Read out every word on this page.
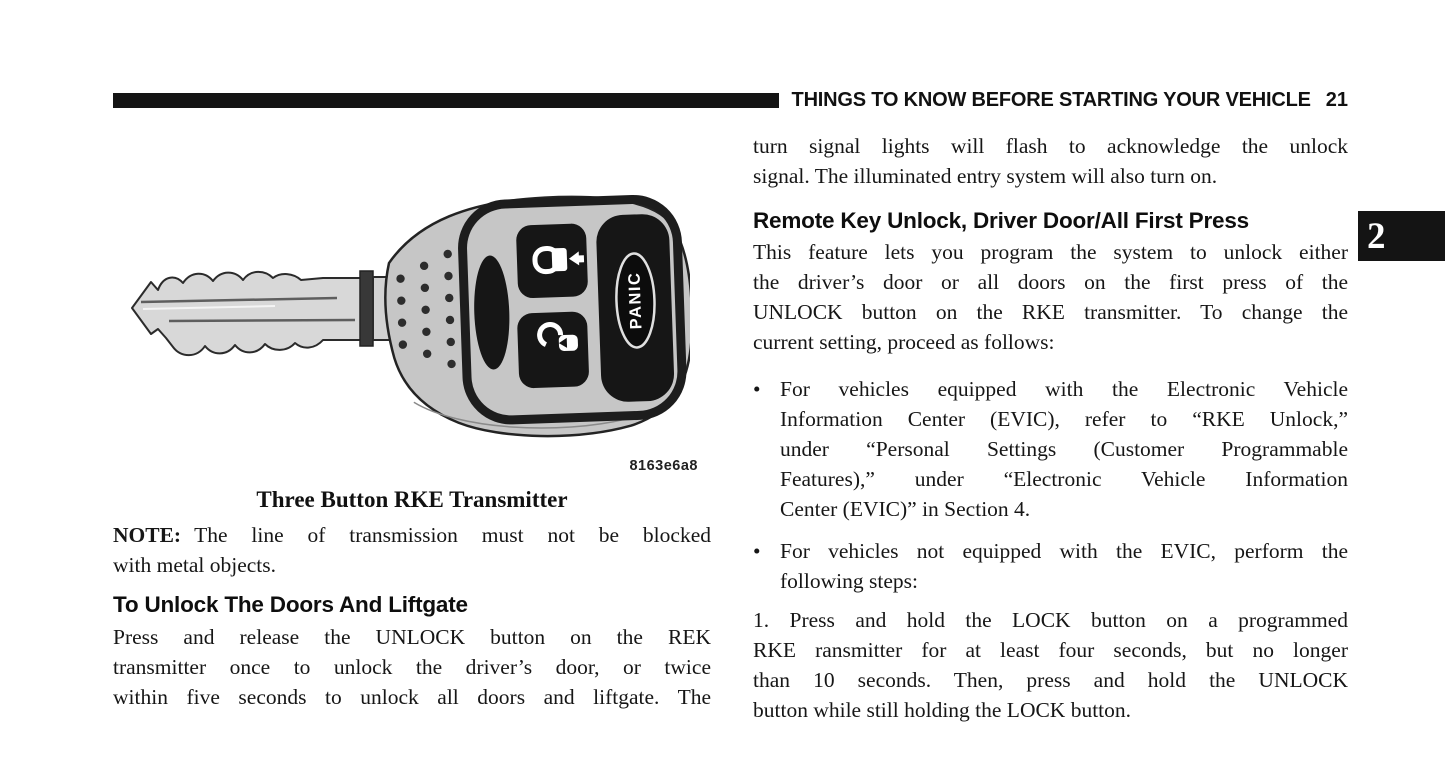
THINGS TO KNOW BEFORE STARTING YOUR VEHICLE 21
2
PANIC
8163e6a8
Three Button RKE Transmitter
NOTE: The line of transmission must not be blocked
with metal objects.
To Unlock The Doors And Liftgate
Press and release the UNLOCK button on the REK
transmitter once to unlock the driver’s door, or twice
within five seconds to unlock all doors and liftgate. The
turn signal lights will flash to acknowledge the unlock
signal. The illuminated entry system will also turn on.
Remote Key Unlock, Driver Door/All First Press
This feature lets you program the system to unlock either
the driver’s door or all doors on the first press of the
UNLOCK button on the RKE transmitter. To change the
current setting, proceed as follows:
• For vehicles equipped with the Electronic Vehicle
Information Center (EVIC), refer to “RKE Unlock,”
under “Personal Settings (Customer Programmable
Features),” under “Electronic Vehicle Information
Center (EVIC)” in Section 4.
• For vehicles not equipped with the EVIC, perform the
following steps:
1. Press and hold the LOCK button on a programmed
RKE ransmitter for at least four seconds, but no longer
than 10 seconds. Then, press and hold the UNLOCK
button while still holding the LOCK button.
